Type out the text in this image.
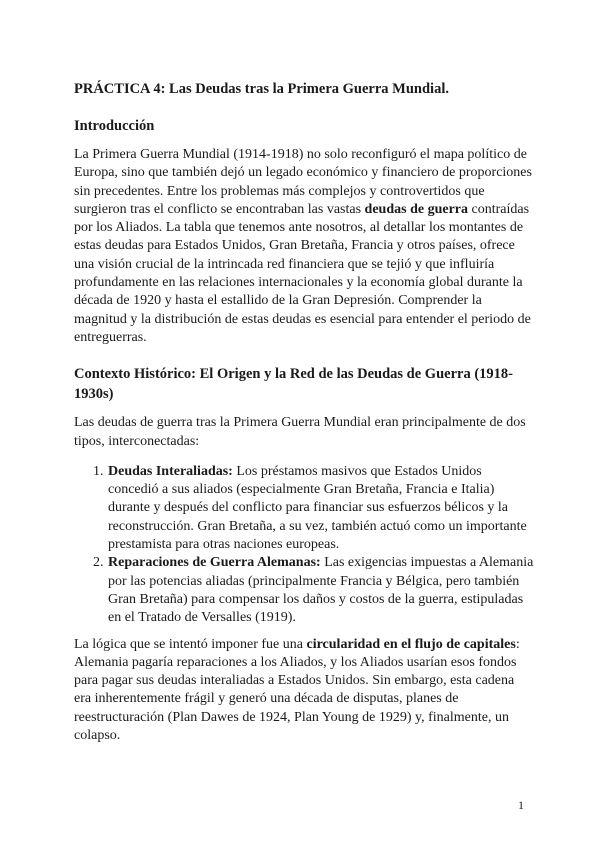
PRÁCTICA 4: Las Deudas tras la Primera Guerra Mundial.

Introducción

La Primera Guerra Mundial (1914-1918) no solo reconfiguró el mapa político de Europa, sino que también dejó un legado económico y financiero de proporciones sin precedentes. Entre los problemas más complejos y controvertidos que surgieron tras el conflicto se encontraban las vastas deudas de guerra contraídas por los Aliados. La tabla que tenemos ante nosotros, al detallar los montantes de estas deudas para Estados Unidos, Gran Bretaña, Francia y otros países, ofrece una visión crucial de la intrincada red financiera que se tejió y que influiría profundamente en las relaciones internacionales y la economía global durante la década de 1920 y hasta el estallido de la Gran Depresión. Comprender la magnitud y la distribución de estas deudas es esencial para entender el periodo de entreguerras.

Contexto Histórico: El Origen y la Red de las Deudas de Guerra (1918-1930s)

Las deudas de guerra tras la Primera Guerra Mundial eran principalmente de dos tipos, interconectadas:

1. Deudas Interaliadas: Los préstamos masivos que Estados Unidos concedió a sus aliados (especialmente Gran Bretaña, Francia e Italia) durante y después del conflicto para financiar sus esfuerzos bélicos y la reconstrucción. Gran Bretaña, a su vez, también actuó como un importante prestamista para otras naciones europeas.
2. Reparaciones de Guerra Alemanas: Las exigencias impuestas a Alemania por las potencias aliadas (principalmente Francia y Bélgica, pero también Gran Bretaña) para compensar los daños y costos de la guerra, estipuladas en el Tratado de Versalles (1919).

La lógica que se intentó imponer fue una circularidad en el flujo de capitales: Alemania pagaría reparaciones a los Aliados, y los Aliados usarían esos fondos para pagar sus deudas interaliadas a Estados Unidos. Sin embargo, esta cadena era inherentemente frágil y generó una década de disputas, planes de reestructuración (Plan Dawes de 1924, Plan Young de 1929) y, finalmente, un colapso.

1
